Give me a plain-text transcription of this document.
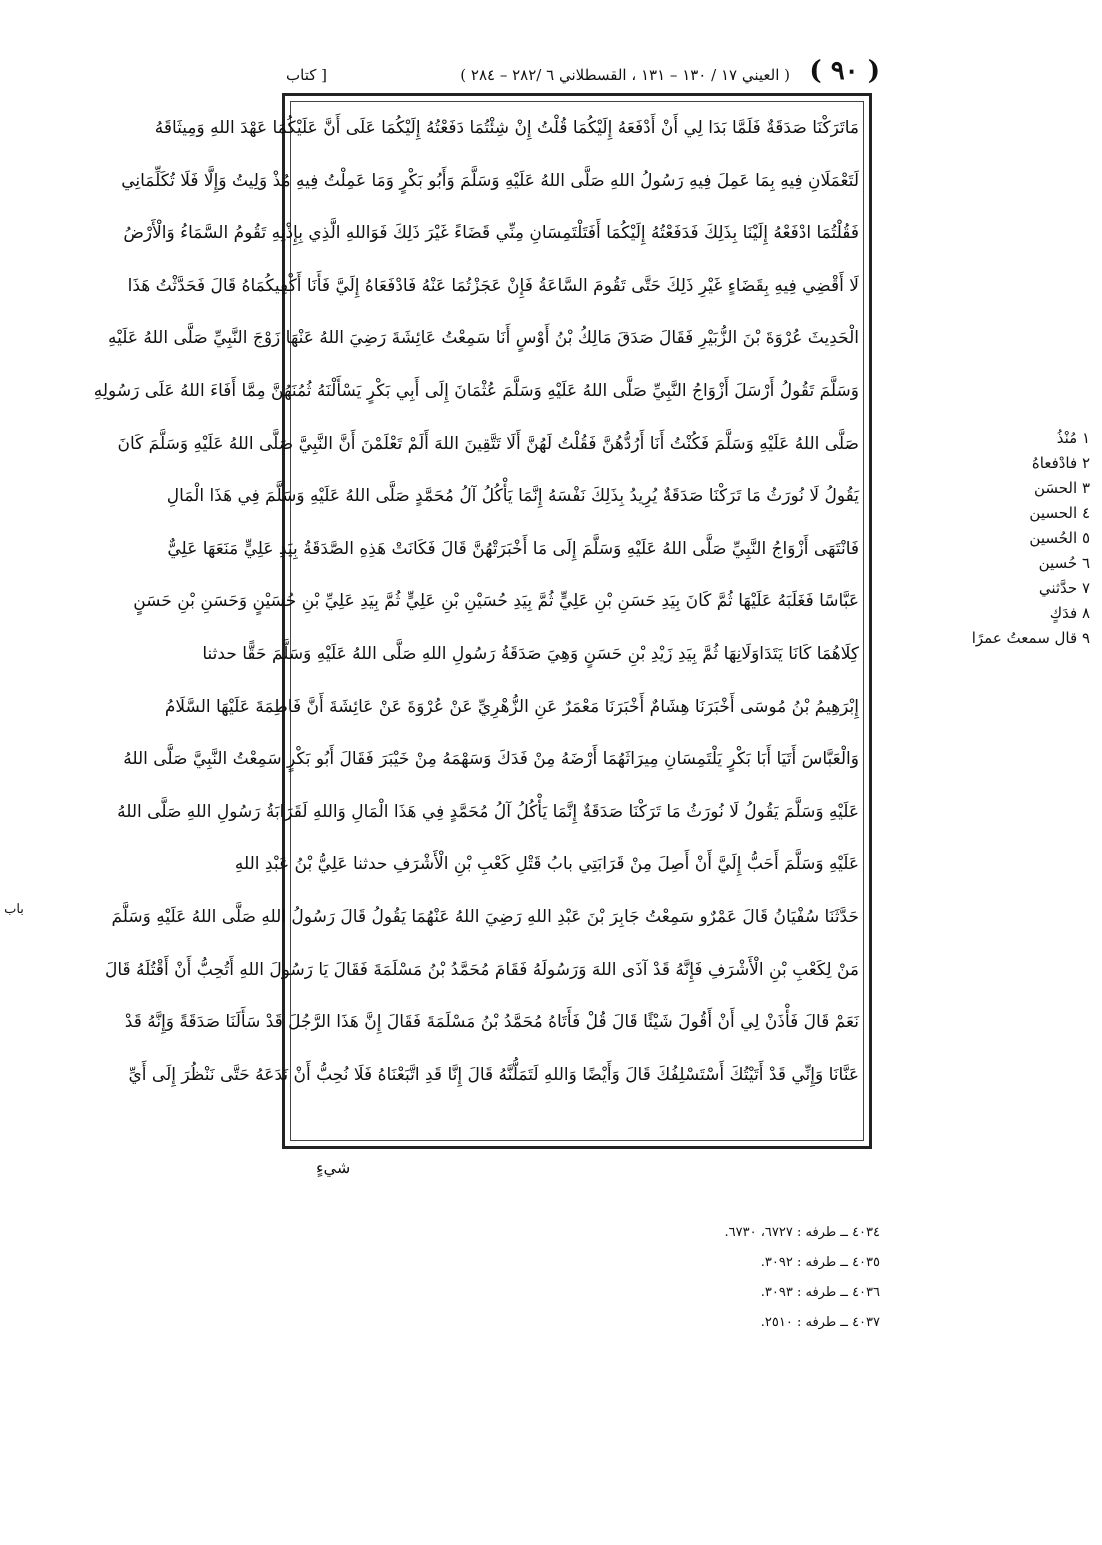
( ٩٠ )
( العيني ١٧ / ١٣٠ – ١٣١ ، القسطلاني ٦ /٢٨٢ – ٢٨٤ )
[ كتاب
مَاتَرَكْنَا صَدَقَةٌ فَلَمَّا بَدَا لِي أَنْ أَدْفَعَهُ إِلَيْكُمَا قُلْتُ إِنْ شِئْتُمَا دَفَعْتُهُ إِلَيْكُمَا عَلَى أَنَّ عَلَيْكُمَا عَهْدَ اللهِ وَمِيثَاقَهُ
لَتَعْمَلَانِ فِيهِ بِمَا عَمِلَ فِيهِ رَسُولُ اللهِ صَلَّى اللهُ عَلَيْهِ وَسَلَّمَ وَأَبُو بَكْرٍ وَمَا عَمِلْتُ فِيهِ مُذْ وَلِيتُ وَإِلَّا فَلَا تُكَلِّمَانِي
فَقُلْتُمَا ادْفَعْهُ إِلَيْنَا بِذَلِكَ فَدَفَعْتُهُ إِلَيْكُمَا أَفَتَلْتَمِسَانِ مِنِّي قَضَاءً غَيْرَ ذَلِكَ فَوَاللهِ الَّذِي بِإِذْنِهِ تَقُومُ السَّمَاءُ وَالْأَرْضُ
لَا أَقْضِي فِيهِ بِقَضَاءٍ غَيْرِ ذَلِكَ حَتَّى تَقُومَ السَّاعَةُ فَإِنْ عَجَزْتُمَا عَنْهُ فَادْفَعَاهُ إِلَيَّ فَأَنَا أَكْفِيكُمَاهُ قَالَ فَحَدَّثْتُ هَذَا
الْحَدِيثَ عُرْوَةَ بْنَ الزُّبَيْرِ فَقَالَ صَدَقَ مَالِكُ بْنُ أَوْسٍ أَنَا سَمِعْتُ عَائِشَةَ رَضِيَ اللهُ عَنْهَا زَوْجَ النَّبِيِّ صَلَّى اللهُ عَلَيْهِ
وَسَلَّمَ تَقُولُ أَرْسَلَ أَزْوَاجُ النَّبِيِّ صَلَّى اللهُ عَلَيْهِ وَسَلَّمَ عُثْمَانَ إِلَى أَبِي بَكْرٍ يَسْأَلْنَهُ ثُمُنَهُنَّ مِمَّا أَفَاءَ اللهُ عَلَى رَسُولِهِ
صَلَّى اللهُ عَلَيْهِ وَسَلَّمَ فَكُنْتُ أَنَا أَرُدُّهُنَّ فَقُلْتُ لَهُنَّ أَلَا تَتَّقِينَ اللهَ أَلَمْ تَعْلَمْنَ أَنَّ النَّبِيَّ صَلَّى اللهُ عَلَيْهِ وَسَلَّمَ كَانَ
يَقُولُ لَا نُورَثُ مَا تَرَكْنَا صَدَقَةٌ يُرِيدُ بِذَلِكَ نَفْسَهُ إِنَّمَا يَأْكُلُ آلُ مُحَمَّدٍ صَلَّى اللهُ عَلَيْهِ وَسَلَّمَ فِي هَذَا الْمَالِ
فَانْتَهَى أَزْوَاجُ النَّبِيِّ صَلَّى اللهُ عَلَيْهِ وَسَلَّمَ إِلَى مَا أَخْبَرَتْهُنَّ قَالَ فَكَانَتْ هَذِهِ الصَّدَقَةُ بِيَدِ عَلِيٍّ مَنَعَهَا عَلِيٌّ
عَبَّاسًا فَغَلَبَهُ عَلَيْهَا ثُمَّ كَانَ بِيَدِ حَسَنِ بْنِ عَلِيٍّ ثُمَّ بِيَدِ حُسَيْنِ بْنِ عَلِيٍّ ثُمَّ بِيَدِ عَلِيِّ بْنِ حُسَيْنٍ وَحَسَنِ بْنِ حَسَنٍ
كِلَاهُمَا كَانَا يَتَدَاوَلَانِهَا ثُمَّ بِيَدِ زَيْدِ بْنِ حَسَنٍ وَهِيَ صَدَقَةُ رَسُولِ اللهِ صَلَّى اللهُ عَلَيْهِ وَسَلَّمَ حَقًّا حدثنا
إِبْرَهِيمُ بْنُ مُوسَى أَخْبَرَنَا هِشَامٌ أَخْبَرَنَا مَعْمَرٌ عَنِ الزُّهْرِيِّ عَنْ عُرْوَةَ عَنْ عَائِشَةَ أَنَّ فَاطِمَةَ عَلَيْهَا السَّلَامُ
وَالْعَبَّاسَ أَتَيَا أَبَا بَكْرٍ يَلْتَمِسَانِ مِيرَاثَهُمَا أَرْضَهُ مِنْ فَدَكَ وَسَهْمَهُ مِنْ خَيْبَرَ فَقَالَ أَبُو بَكْرٍ سَمِعْتُ النَّبِيَّ صَلَّى اللهُ
عَلَيْهِ وَسَلَّمَ يَقُولُ لَا نُورَثُ مَا تَرَكْنَا صَدَقَةٌ إِنَّمَا يَأْكُلُ آلُ مُحَمَّدٍ فِي هَذَا الْمَالِ وَاللهِ لَقَرَابَةُ رَسُولِ اللهِ صَلَّى اللهُ
عَلَيْهِ وَسَلَّمَ أَحَبُّ إِلَيَّ أَنْ أَصِلَ مِنْ قَرَابَتِي بابُ قَتْلِ كَعْبِ بْنِ الْأَشْرَفِ حدثنا عَلِيُّ بْنُ عَبْدِ اللهِ
حَدَّثَنَا سُفْيَانُ قَالَ عَمْرٌو سَمِعْتُ جَابِرَ بْنَ عَبْدِ اللهِ رَضِيَ اللهُ عَنْهُمَا يَقُولُ قَالَ رَسُولُ اللهِ صَلَّى اللهُ عَلَيْهِ وَسَلَّمَ
مَنْ لِكَعْبِ بْنِ الْأَشْرَفِ فَإِنَّهُ قَدْ آذَى اللهَ وَرَسُولَهُ فَقَامَ مُحَمَّدُ بْنُ مَسْلَمَةَ فَقَالَ يَا رَسُولَ اللهِ أَتُحِبُّ أَنْ أَقْتُلَهُ قَالَ
نَعَمْ قَالَ فَأْذَنْ لِي أَنْ أَقُولَ شَيْئًا قَالَ قُلْ فَأَتَاهُ مُحَمَّدُ بْنُ مَسْلَمَةَ فَقَالَ إِنَّ هَذَا الرَّجُلَ قَدْ سَأَلَنَا صَدَقَةً وَإِنَّهُ قَدْ
عَنَّانَا وَإِنِّي قَدْ أَتَيْتُكَ أَسْتَسْلِفُكَ قَالَ وَأَيْضًا وَاللهِ لَتَمَلُّنَّهُ قَالَ إِنَّا قَدِ اتَّبَعْنَاهُ فَلَا نُحِبُّ أَنْ نَدَعَهُ حَتَّى نَنْظُرَ إِلَى أَيِّ
شيءٍ
١ مُنْذُ
٢ فادْفعاهُ
٣ الحسَن
٤ الحسين
٥ الحُسين
٦ حُسين
٧ حدَّثني
٨ فدَكٍ
٩ قال سمعتُ عمرًا
باب
٤٠٣٤ ــ طرفه : ٦٧٢٧، ٦٧٣٠.
٤٠٣٥ ــ طرفه : ٣٠٩٢.
٤٠٣٦ ــ طرفه : ٣٠٩٣.
٤٠٣٧ ــ طرفه : ٢٥١٠.
